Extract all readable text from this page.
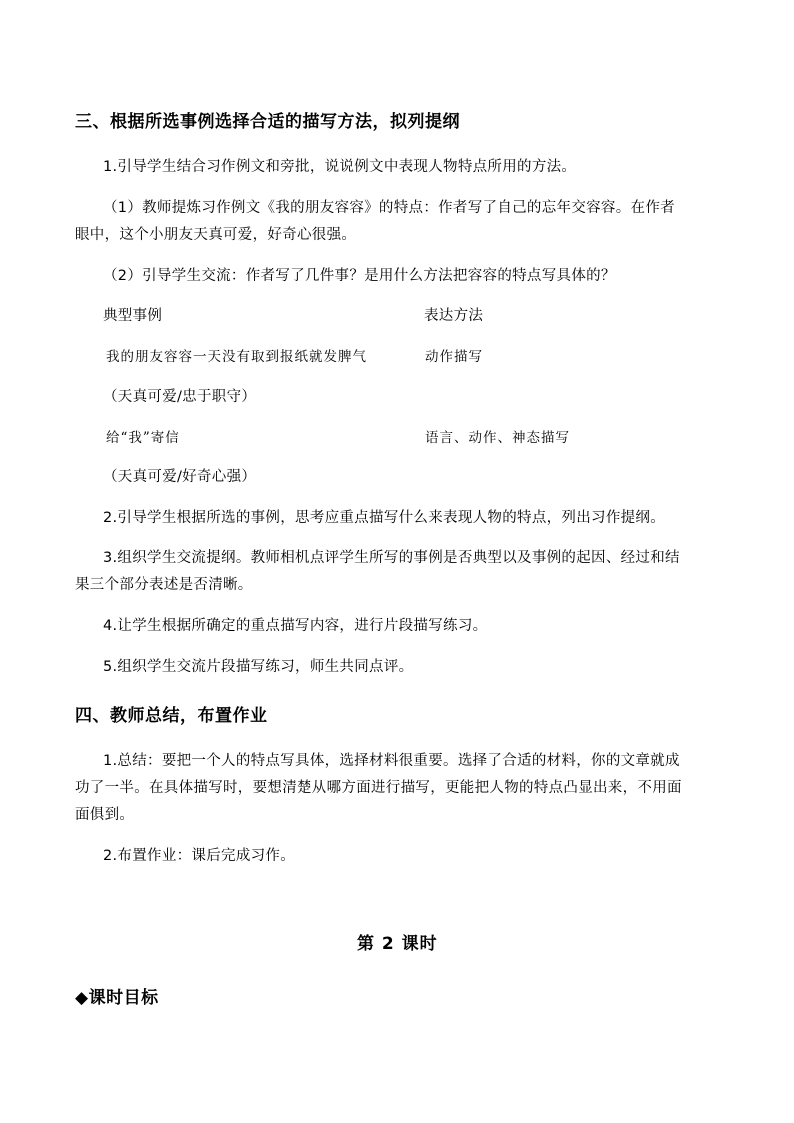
三、根据所选事例选择合适的描写方法，拟列提纲
1.引导学生结合习作例文和旁批，说说例文中表现人物特点所用的方法。
（1）教师提炼习作例文《我的朋友容容》的特点：作者写了自己的忘年交容容。在作者
眼中，这个小朋友天真可爱，好奇心很强。
（2）引导学生交流：作者写了几件事？是用什么方法把容容的特点写具体的？
典型事例	表达方法
我的朋友容容一天没有取到报纸就发脾气	动作描写
（天真可爱/忠于职守）
给“我”寄信	语言、动作、神态描写
（天真可爱/好奇心强）
2.引导学生根据所选的事例，思考应重点描写什么来表现人物的特点，列出习作提纲。
3.组织学生交流提纲。教师相机点评学生所写的事例是否典型以及事例的起因、经过和结
果三个部分表述是否清晰。
4.让学生根据所确定的重点描写内容，进行片段描写练习。
5.组织学生交流片段描写练习，师生共同点评。
四、教师总结，布置作业
1.总结：要把一个人的特点写具体，选择材料很重要。选择了合适的材料，你的文章就成
功了一半。在具体描写时，要想清楚从哪方面进行描写，更能把人物的特点凸显出来，不用面
面俱到。
2.布置作业：课后完成习作。
第 2 课时
◆课时目标
